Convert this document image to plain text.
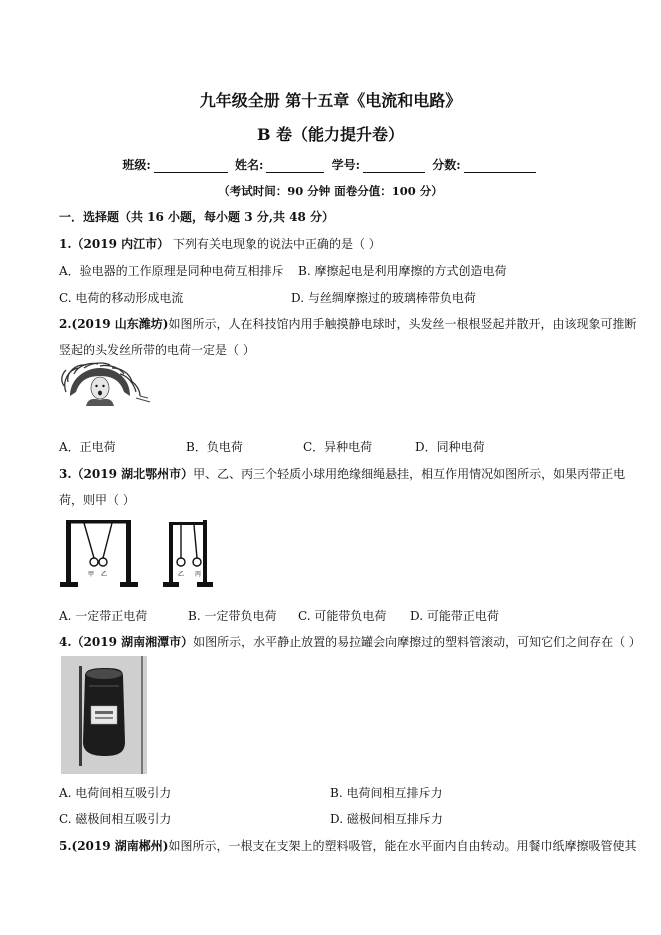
九年级全册 第十五章《电流和电路》
B 卷（能力提升卷）
班级:	姓名:	学号:	分数:
（考试时间：90 分钟 面卷分值：100 分）
一．选择题（共 16 小题，每小题 3 分,共 48 分）
1.（2019 内江市） 下列有关电现象的说法中正确的是（ ）
A．验电器的工作原理是同种电荷互相排斥 B. 摩擦起电是利用摩擦的方式创造电荷
C. 电荷的移动形成电流	D. 与丝绸摩擦过的玻璃棒带负电荷
2.(2019 山东潍坊)如图所示，人在科技馆内用手触摸静电球时，头发丝一根根竖起并散开，由该现象可推断
竖起的头发丝所带的电荷一定是（ ）
A．正电荷	B．负电荷	C．异种电荷	D．同种电荷
3.（2019 湖北鄂州市）甲、乙、丙三个轻质小球用绝缘细绳悬挂，相互作用情况如图所示，如果丙带正电
荷，则甲（ ）
甲 乙	乙 丙
A. 一定带正电荷	B. 一定带负电荷 C. 可能带负电荷 D. 可能带正电荷
4.（2019 湖南湘潭市）如图所示，水平静止放置的易拉罐会向摩擦过的塑料管滚动，可知它们之间存在（ ）
A. 电荷间相互吸引力	B. 电荷间相互排斥力
C. 磁极间相互吸引力	D. 磁极间相互排斥力
5.(2019 湖南郴州)如图所示，一根支在支架上的塑料吸管，能在水平面内自由转动。用餐巾纸摩擦吸管使其
